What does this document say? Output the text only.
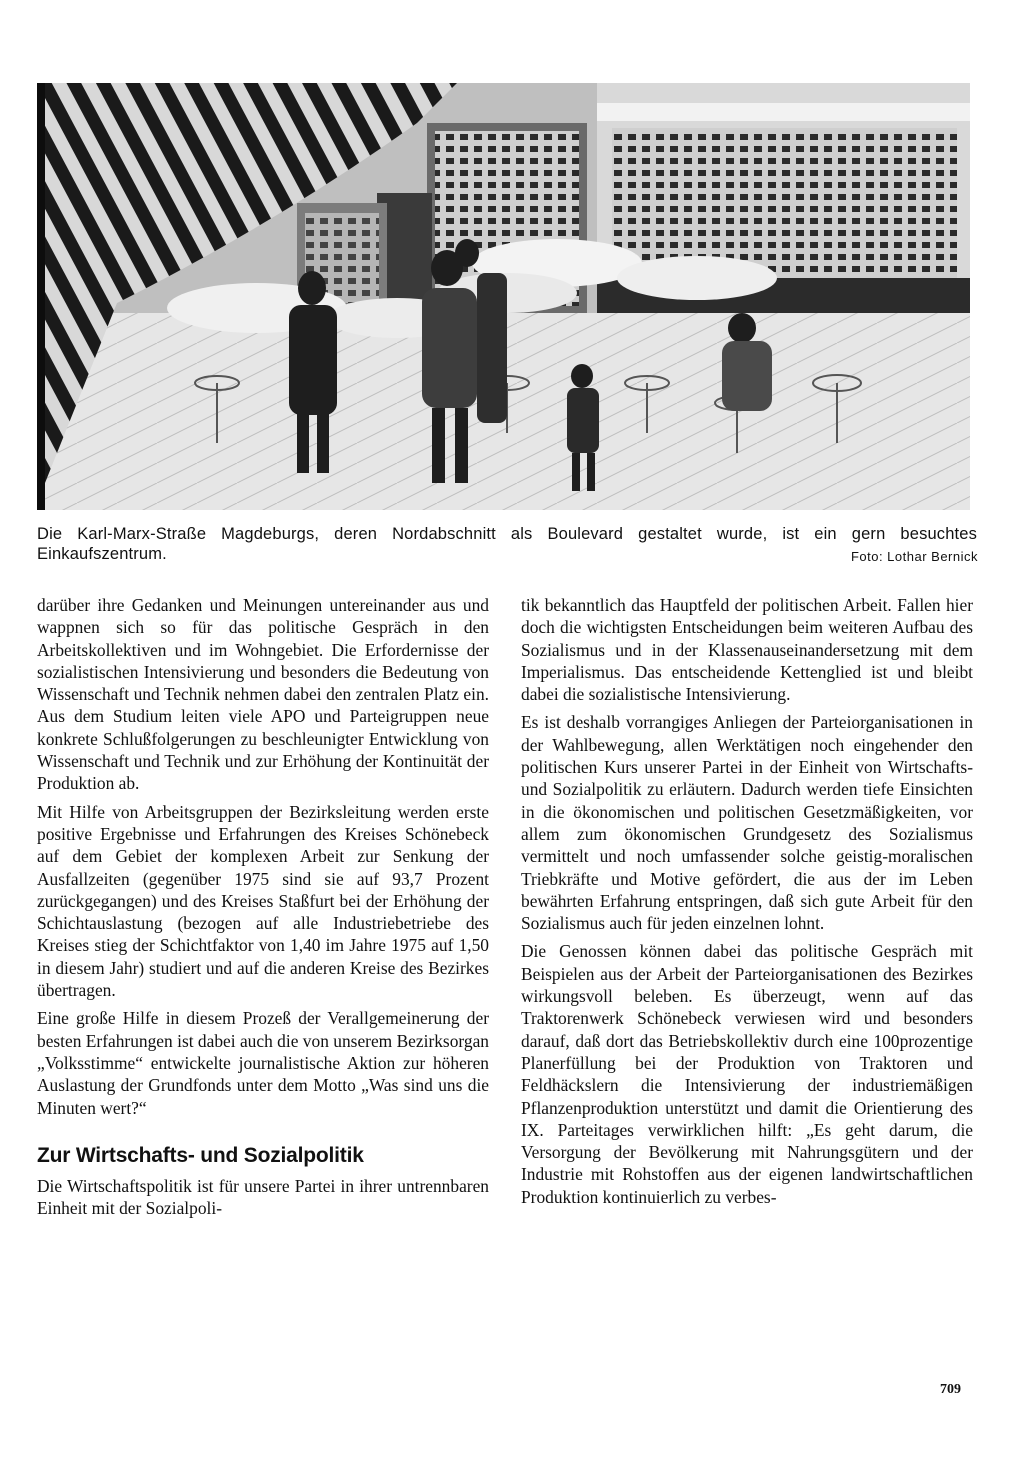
Die Karl-Marx-Straße Magdeburgs, deren Nordabschnitt als Boulevard gestaltet wurde, ist ein gern besuchtes Einkaufszentrum.	Foto: Lothar Bernick

darüber ihre Gedanken und Meinungen untereinander aus und wappnen sich so für das politische Gespräch in den Arbeitskollektiven und im Wohngebiet. Die Erfordernisse der sozialistischen Intensivierung und besonders die Bedeutung von Wissenschaft und Technik nehmen dabei den zentralen Platz ein. Aus dem Studium leiten viele APO und Parteigruppen neue konkrete Schlußfolgerungen zu beschleunigter Entwicklung von Wissenschaft und Technik und zur Erhöhung der Kontinuität der Produktion ab.

Mit Hilfe von Arbeitsgruppen der Bezirksleitung werden erste positive Ergebnisse und Erfahrungen des Kreises Schönebeck auf dem Gebiet der komplexen Arbeit zur Senkung der Ausfallzeiten (gegenüber 1975 sind sie auf 93,7 Prozent zurückgegangen) und des Kreises Staßfurt bei der Erhöhung der Schichtauslastung (bezogen auf alle Industriebetriebe des Kreises stieg der Schichtfaktor von 1,40 im Jahre 1975 auf 1,50 in diesem Jahr) studiert und auf die anderen Kreise des Bezirkes übertragen.

Eine große Hilfe in diesem Prozeß der Verallgemeinerung der besten Erfahrungen ist dabei auch die von unserem Bezirksorgan „Volksstimme“ entwickelte journalistische Aktion zur höheren Auslastung der Grundfonds unter dem Motto „Was sind uns die Minuten wert?“

Zur Wirtschafts- und Sozialpolitik

Die Wirtschaftspolitik ist für unsere Partei in ihrer untrennbaren Einheit mit der Sozialpoli-

tik bekanntlich das Hauptfeld der politischen Arbeit. Fallen hier doch die wichtigsten Entscheidungen beim weiteren Aufbau des Sozialismus und in der Klassenauseinandersetzung mit dem Imperialismus. Das entscheidende Kettenglied ist und bleibt dabei die sozialistische Intensivierung.

Es ist deshalb vorrangiges Anliegen der Parteiorganisationen in der Wahlbewegung, allen Werktätigen noch eingehender den politischen Kurs unserer Partei in der Einheit von Wirtschafts- und Sozialpolitik zu erläutern. Dadurch werden tiefe Einsichten in die ökonomischen und politischen Gesetzmäßigkeiten, vor allem zum ökonomischen Grundgesetz des Sozialismus vermittelt und noch umfassender solche geistig-moralischen Triebkräfte und Motive gefördert, die aus der im Leben bewährten Erfahrung entspringen, daß sich gute Arbeit für den Sozialismus auch für jeden einzelnen lohnt.

Die Genossen können dabei das politische Gespräch mit Beispielen aus der Arbeit der Parteiorganisationen des Bezirkes wirkungsvoll beleben. Es überzeugt, wenn auf das Traktorenwerk Schönebeck verwiesen wird und besonders darauf, daß dort das Betriebskollektiv durch eine 100prozentige Planerfüllung bei der Produktion von Traktoren und Feldhäckslern die Intensivierung der industriemäßigen Pflanzenproduktion unterstützt und damit die Orientierung des IX. Parteitages verwirklichen hilft: „Es geht darum, die Versorgung der Bevölkerung mit Nahrungsgütern und der Industrie mit Rohstoffen aus der eigenen landwirtschaftlichen Produktion kontinuierlich zu verbes-

709
